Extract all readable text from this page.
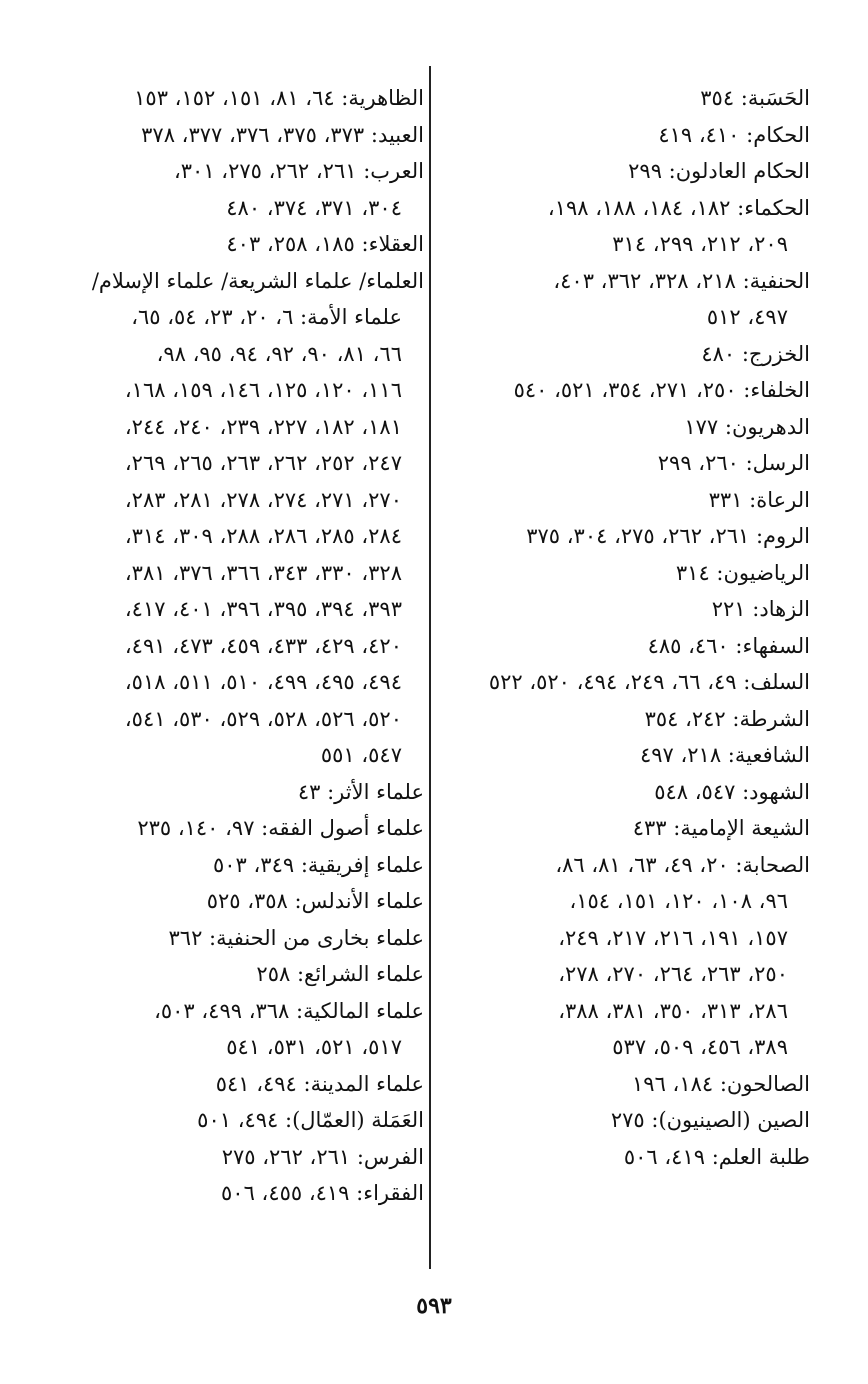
الحَسَبة: ٣٥٤
الحكام: ٤١٠، ٤١٩
الحكام العادلون: ٢٩٩
الحكماء: ١٨٢، ١٨٤، ١٨٨، ١٩٨،
٢٠٩، ٢١٢، ٢٩٩، ٣١٤
الحنفية: ٢١٨، ٣٢٨، ٣٦٢، ٤٠٣،
٤٩٧، ٥١٢
الخزرج: ٤٨٠
الخلفاء: ٢٥٠، ٢٧١، ٣٥٤، ٥٢١، ٥٤٠
الدهريون: ١٧٧
الرسل: ٢٦٠، ٢٩٩
الرعاة: ٣٣١
الروم: ٢٦١، ٢٦٢، ٢٧٥، ٣٠٤، ٣٧٥
الرياضيون: ٣١٤
الزهاد: ٢٢١
السفهاء: ٤٦٠، ٤٨٥
السلف: ٤٩، ٦٦، ٢٤٩، ٤٩٤، ٥٢٠، ٥٢٢
الشرطة: ٢٤٢، ٣٥٤
الشافعية: ٢١٨، ٤٩٧
الشهود: ٥٤٧، ٥٤٨
الشيعة الإمامية: ٤٣٣
الصحابة: ٢٠، ٤٩، ٦٣، ٨١، ٨٦،
٩٦، ١٠٨، ١٢٠، ١٥١، ١٥٤،
١٥٧، ١٩١، ٢١٦، ٢١٧، ٢٤٩،
٢٥٠، ٢٦٣، ٢٦٤، ٢٧٠، ٢٧٨،
٢٨٦، ٣١٣، ٣٥٠، ٣٨١، ٣٨٨،
٣٨٩، ٤٥٦، ٥٠٩، ٥٣٧
الصالحون: ١٨٤، ١٩٦
الصين (الصينيون): ٢٧٥
طلبة العلم: ٤١٩، ٥٠٦
الظاهرية: ٦٤، ٨١، ١٥١، ١٥٢، ١٥٣
العبيد: ٣٧٣، ٣٧٥، ٣٧٦، ٣٧٧، ٣٧٨
العرب: ٢٦١، ٢٦٢، ٢٧٥، ٣٠١،
٣٠٤، ٣٧١، ٣٧٤، ٤٨٠
العقلاء: ١٨٥، ٢٥٨، ٤٠٣
العلماء/ علماء الشريعة/ علماء الإسلام/
علماء الأمة: ٦، ٢٠، ٢٣، ٥٤، ٦٥،
٦٦، ٨١، ٩٠، ٩٢، ٩٤، ٩٥، ٩٨،
١١٦، ١٢٠، ١٢٥، ١٤٦، ١٥٩، ١٦٨،
١٨١، ١٨٢، ٢٢٧، ٢٣٩، ٢٤٠، ٢٤٤،
٢٤٧، ٢٥٢، ٢٦٢، ٢٦٣، ٢٦٥، ٢٦٩،
٢٧٠، ٢٧١، ٢٧٤، ٢٧٨، ٢٨١، ٢٨٣،
٢٨٤، ٢٨٥، ٢٨٦، ٢٨٨، ٣٠٩، ٣١٤،
٣٢٨، ٣٣٠، ٣٤٣، ٣٦٦، ٣٧٦، ٣٨١،
٣٩٣، ٣٩٤، ٣٩٥، ٣٩٦، ٤٠١، ٤١٧،
٤٢٠، ٤٢٩، ٤٣٣، ٤٥٩، ٤٧٣، ٤٩١،
٤٩٤، ٤٩٥، ٤٩٩، ٥١٠، ٥١١، ٥١٨،
٥٢٠، ٥٢٦، ٥٢٨، ٥٢٩، ٥٣٠، ٥٤١،
٥٤٧، ٥٥١
علماء الأثر: ٤٣
علماء أصول الفقه: ٩٧، ١٤٠، ٢٣٥
علماء إفريقية: ٣٤٩، ٥٠٣
علماء الأندلس: ٣٥٨، ٥٢٥
علماء بخارى من الحنفية: ٣٦٢
علماء الشرائع: ٢٥٨
علماء المالكية: ٣٦٨، ٤٩٩، ٥٠٣،
٥١٧، ٥٢١، ٥٣١، ٥٤١
علماء المدينة: ٤٩٤، ٥٤١
العَمَلة (العمّال): ٤٩٤، ٥٠١
الفرس: ٢٦١، ٢٦٢، ٢٧٥
الفقراء: ٤١٩، ٤٥٥، ٥٠٦
٥٩٣
